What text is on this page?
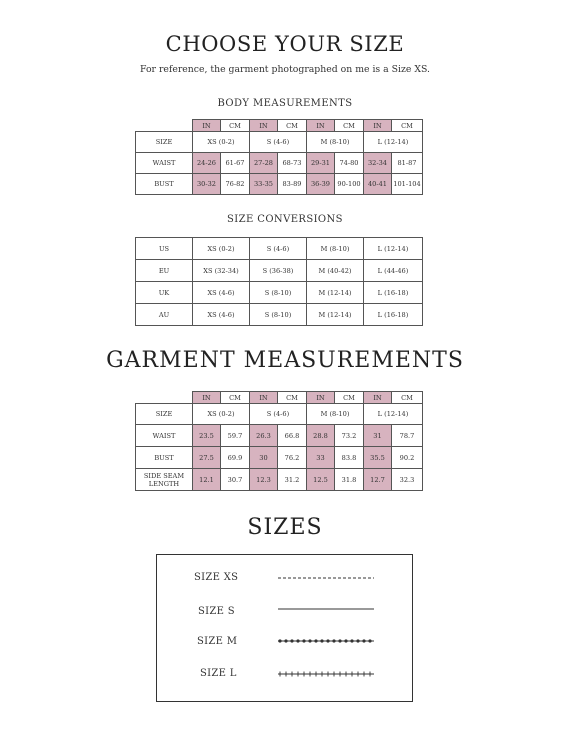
CHOOSE YOUR SIZE
For reference, the garment photographed on me is a Size XS.
BODY MEASUREMENTS
	IN	CM	IN	CM	IN	CM	IN	CM
SIZE	XS (0-2)		S (4-6)		M (8-10)		L (12-14)	
WAIST	24-26	61-67	27-28	68-73	29-31	74-80	32-34	81-87
BUST	30-32	76-82	33-35	83-89	36-39	90-100	40-41	101-104
SIZE CONVERSIONS
US	XS (0-2)	S (4-6)	M (8-10)	L (12-14)
EU	XS (32-34)	S (36-38)	M (40-42)	L (44-46)
UK	XS (4-6)	S (8-10)	M (12-14)	L (16-18)
AU	XS (4-6)	S (8-10)	M (12-14)	L (16-18)
GARMENT MEASUREMENTS
	IN	CM	IN	CM	IN	CM	IN	CM
SIZE	XS (0-2)		S (4-6)		M (8-10)		L (12-14)	
WAIST	23.5	59.7	26.3	66.8	28.8	73.2	31	78.7
BUST	27.5	69.9	30	76.2	33	83.8	35.5	90.2
SIDE SEAM LENGTH	12.1	30.7	12.3	31.2	12.5	31.8	12.7	32.3
SIZES
SIZE XS
SIZE S
SIZE M
SIZE L
